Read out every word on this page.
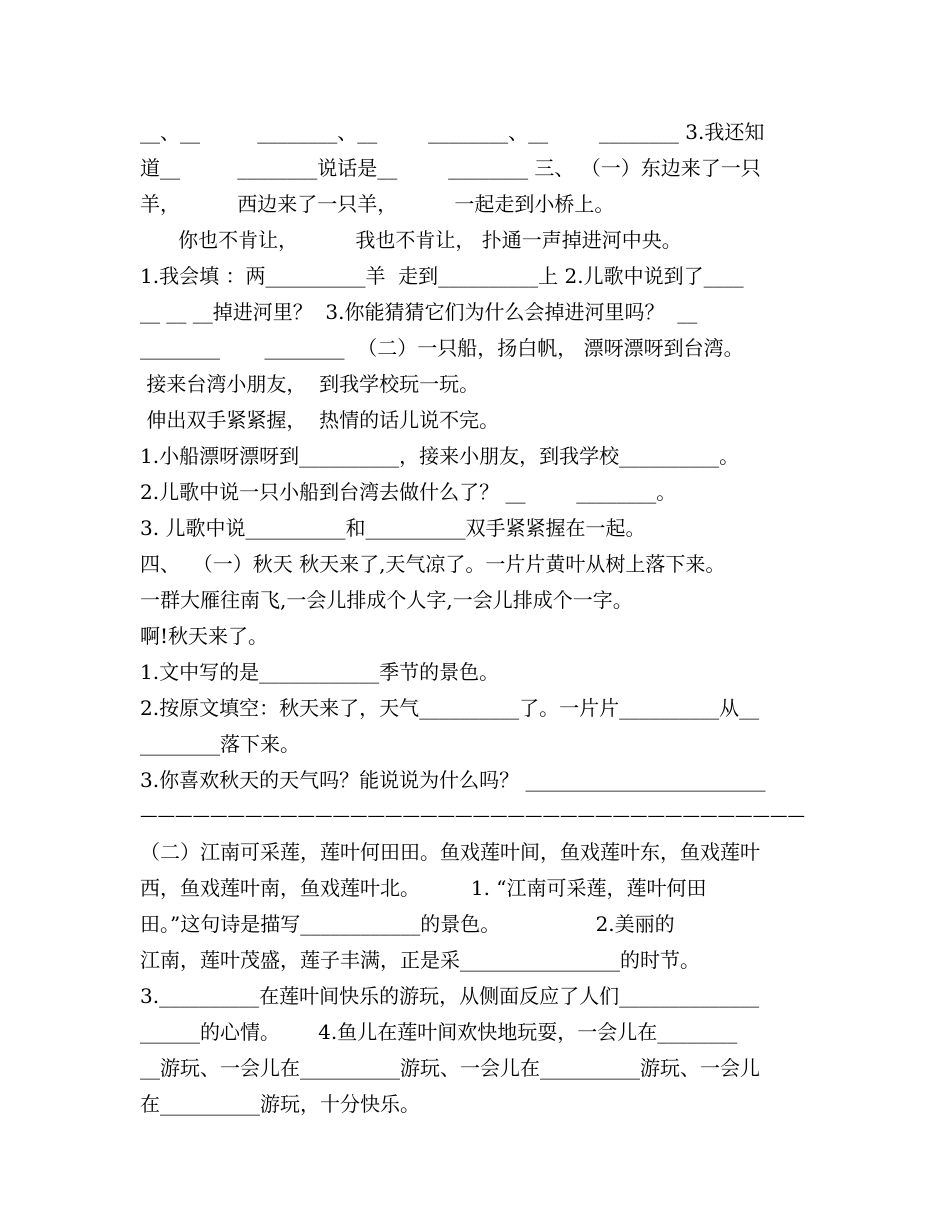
__、__         ________、__        ________、__        ________ 3.我还知
道__         ________说话是__        ________ 三、 （一）东边来了一只
羊，         西边来了一只羊，         一起走到小桥上。
你也不肯让，         我也不肯让， 扑通一声掉进河中央。
1.我会填 ：两__________羊  走到__________上 2.儿歌中说到了____
__ __ __掉进河里？  3.你能猜猜它们为什么会掉进河里吗？  __
________       ________  （二）一只船，扬白帆， 漂呀漂呀到台湾。
接来台湾小朋友，  到我学校玩一玩。
伸出双手紧紧握，  热情的话儿说不完。
1.小船漂呀漂呀到__________，接来小朋友，到我学校__________。
2.儿歌中说一只小船到台湾去做什么了？ __        ________。
3. 儿歌中说__________和__________双手紧紧握在一起。
四、  （一）秋天 秋天来了,天气凉了。一片片黄叶从树上落下来。
一群大雁往南飞,一会儿排成个人字,一会儿排成个一字。
啊!秋天来了。
1.文中写的是____________季节的景色。
2.按原文填空：秋天来了，天气__________了。一片片__________从__
________落下来。
3.你喜欢秋天的天气吗？能说说为什么吗？ ________________________
——————————————————————————————————————
（二）江南可采莲，莲叶何田田。鱼戏莲叶间，鱼戏莲叶东，鱼戏莲叶
西，鱼戏莲叶南，鱼戏莲叶北。        1. “江南可采莲，莲叶何田
田。”这句诗是描写____________的景色。               2.美丽的
江南，莲叶茂盛，莲子丰满，正是采________________的时节。
3.__________在莲叶间快乐的游玩，从侧面反应了人们______________
______的心情。      4.鱼儿在莲叶间欢快地玩耍，一会儿在________
__游玩、一会儿在__________游玩、一会儿在__________游玩、一会儿
在__________游玩，十分快乐。
